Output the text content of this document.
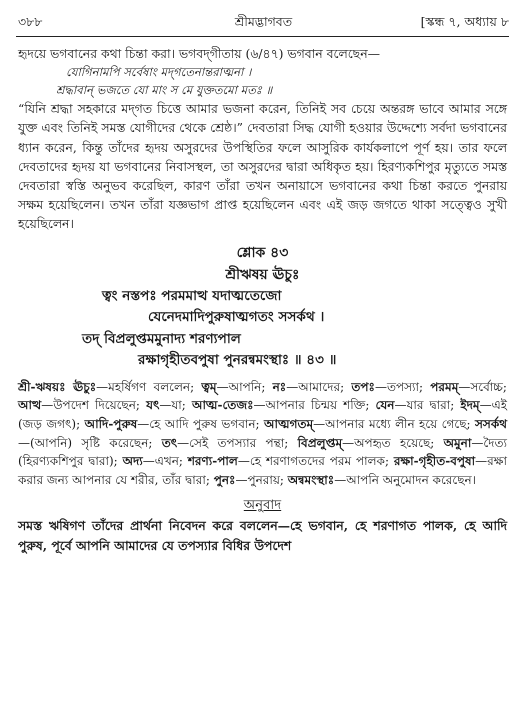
৩৮৮	শ্রীমদ্ভাগবত	[স্কন্ধ ৭, অধ্যায় ৮

হৃদয়ে ভগবানের কথা চিন্তা করা। ভগবদ্‌গীতায় (৬/৪৭) ভগবান বলেছেন—

যোগিনামপি সর্বেষাং মদ্‌গতেনান্তরাত্মনা ।

শ্রদ্ধাবান্ ভজতে যো মাং স মে যুক্ততমো মতঃ ॥

“যিনি শ্রদ্ধা সহকারে মদ্‌গত চিত্তে আমার ভজনা করেন, তিনিই সব চেয়ে অন্তরঙ্গ ভাবে আমার সঙ্গে যুক্ত এবং তিনিই সমস্ত যোগীদের থেকে শ্রেষ্ঠ।” দেবতারা সিদ্ধ যোগী হওয়ার উদ্দেশ্যে সর্বদা ভগবানের ধ্যান করেন, কিন্তু তাঁদের হৃদয় অসুরদের উপস্থিতির ফলে আসুরিক কার্যকলাপে পূর্ণ হয়। তার ফলে দেবতাদের হৃদয় যা ভগবানের নিবাসস্থল, তা অসুরদের দ্বারা অধিকৃত হয়। হিরণ্যকশিপুর মৃত্যুতে সমস্ত দেবতারা স্বস্তি অনুভব করেছিল, কারণ তাঁরা তখন অনায়াসে ভগবানের কথা চিন্তা করতে পুনরায় সক্ষম হয়েছিলেন। তখন তাঁরা যজ্ঞভাগ প্রাপ্ত হয়েছিলেন এবং এই জড় জগতে থাকা সত্ত্বেও সুখী হয়েছিলেন।

শ্লোক ৪৩

শ্রীঋষয় ঊচুঃ

ত্বং নস্তপঃ পরমমাত্থ যদাত্মতেজো

যেনেদমাদিপুরুষাত্মগতং সসর্কথ ।

তদ্ বিপ্রলুপ্তমমুনাদ্য শরণ্যপাল

রক্ষাগৃহীতবপুষা পুনরন্বমংস্থাঃ ॥ ৪৩ ॥

শ্রী-ঋষয়ঃ ঊচুঃ—মহর্ষিগণ বললেন; ত্বম্—আপনি; নঃ—আমাদের; তপঃ—তপস্যা; পরমম্—সর্বোচ্চ; আত্থ—উপদেশ দিয়েছেন; যৎ—যা; আত্ম-তেজঃ—আপনার চিন্ময় শক্তি; যেন—যার দ্বারা; ইদম্—এই (জড় জগৎ); আদি-পুরুষ—হে আদি পুরুষ ভগবান; আত্মগতম্—আপনার মধ্যে লীন হয়ে গেছে; সসর্কথ—(আপনি) সৃষ্টি করেছেন; তৎ—সেই তপস্যার পন্থা; বিপ্রলুপ্তম্—অপহৃত হয়েছে; অমুনা—দৈত্য (হিরণ্যকশিপুর দ্বারা); অদ্য—এখন; শরণ্য-পাল—হে শরণাগতদের পরম পালক; রক্ষা-গৃহীত-বপুষা—রক্ষা করার জন্য আপনার যে শরীর, তাঁর দ্বারা; পুনঃ—পুনরায়; অন্বমংস্থাঃ—আপনি অনুমোদন করেছেন।

অনুবাদ

সমস্ত ঋষিগণ তাঁদের প্রার্থনা নিবেদন করে বললেন—হে ভগবান, হে শরণাগত পালক, হে আদি পুরুষ, পূর্বে আপনি আমাদের যে তপস্যার বিধির উপদেশ
